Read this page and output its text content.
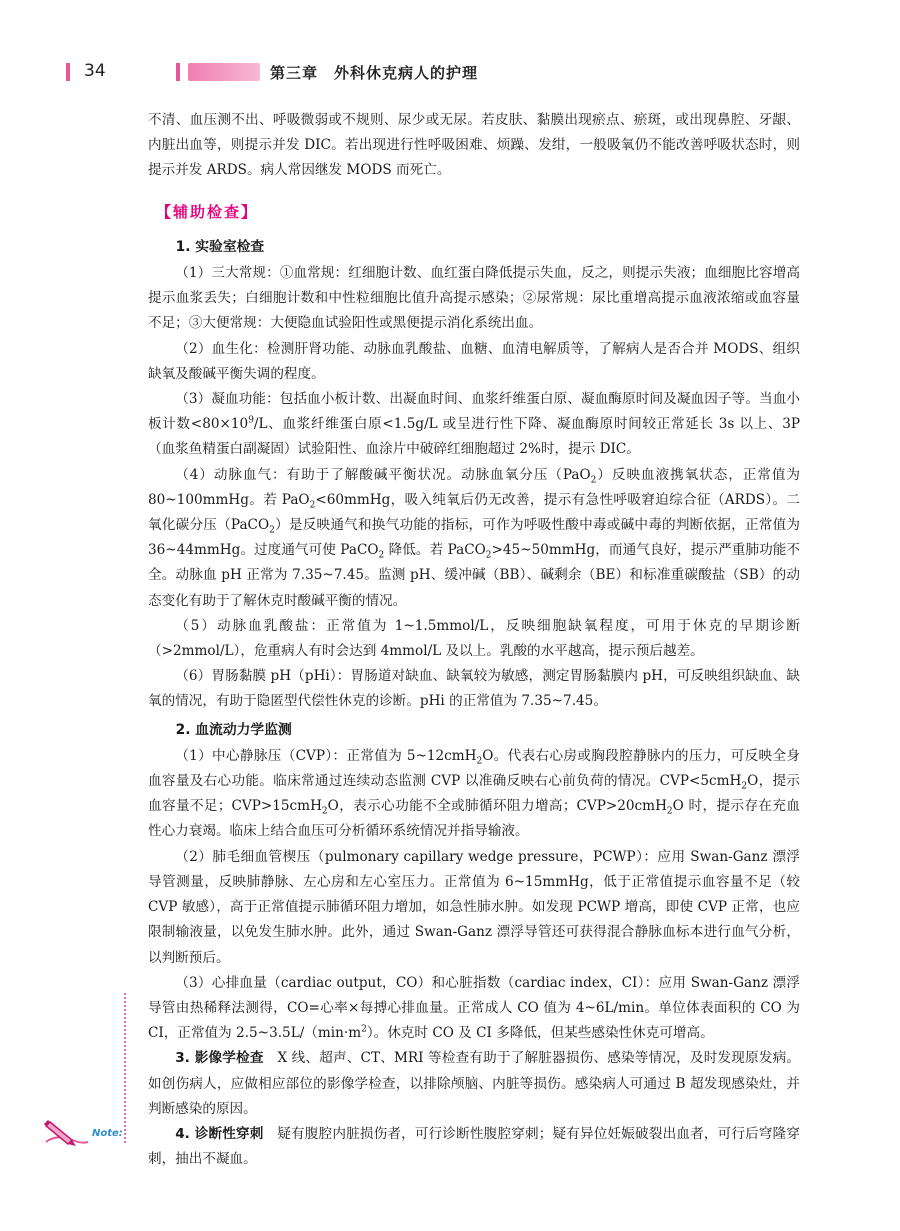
34	第三章　外科休克病人的护理

不清、血压测不出、呼吸微弱或不规则、尿少或无尿。若皮肤、黏膜出现瘀点、瘀斑，或出现鼻腔、牙龈、内脏出血等，则提示并发 DIC。若出现进行性呼吸困难、烦躁、发绀，一般吸氧仍不能改善呼吸状态时，则提示并发 ARDS。病人常因继发 MODS 而死亡。

【辅助检查】

1. 实验室检查

（1）三大常规：①血常规：红细胞计数、血红蛋白降低提示失血，反之，则提示失液；血细胞比容增高提示血浆丢失；白细胞计数和中性粒细胞比值升高提示感染；②尿常规：尿比重增高提示血液浓缩或血容量不足；③大便常规：大便隐血试验阳性或黑便提示消化系统出血。

（2）血生化：检测肝肾功能、动脉血乳酸盐、血糖、血清电解质等，了解病人是否合并 MODS、组织缺氧及酸碱平衡失调的程度。

（3）凝血功能：包括血小板计数、出凝血时间、血浆纤维蛋白原、凝血酶原时间及凝血因子等。当血小板计数$<80\times 10^9/L$、血浆纤维蛋白原<1.5g/L 或呈进行性下降、凝血酶原时间较正常延长 3s 以上、3P（血浆鱼精蛋白副凝固）试验阳性、血涂片中破碎红细胞超过 2%时，提示 DIC。

（4）动脉血气：有助于了解酸碱平衡状况。动脉血氧分压（PaO$_2$）反映血液携氧状态，正常值为 80~100mmHg。若 PaO$_2$<60mmHg，吸入纯氧后仍无改善，提示有急性呼吸窘迫综合征（ARDS）。二氧化碳分压（PaCO$_2$）是反映通气和换气功能的指标，可作为呼吸性酸中毒或碱中毒的判断依据，正常值为 36~44mmHg。过度通气可使 PaCO$_2$ 降低。若 PaCO$_2$>45~50mmHg，而通气良好，提示严重肺功能不全。动脉血 pH 正常为 7.35~7.45。监测 pH、缓冲碱（BB）、碱剩余（BE）和标准重碳酸盐（SB）的动态变化有助于了解休克时酸碱平衡的情况。

（5）动脉血乳酸盐：正常值为 1~1.5mmol/L，反映细胞缺氧程度，可用于休克的早期诊断（>2mmol/L），危重病人有时会达到 4mmol/L 及以上。乳酸的水平越高，提示预后越差。

（6）胃肠黏膜 pH（pHi）：胃肠道对缺血、缺氧较为敏感，测定胃肠黏膜内 pH，可反映组织缺血、缺氧的情况，有助于隐匿型代偿性休克的诊断。pHi 的正常值为 7.35~7.45。

2. 血流动力学监测

（1）中心静脉压（CVP）：正常值为 5~12cmH$_2$O。代表右心房或胸段腔静脉内的压力，可反映全身血容量及右心功能。临床常通过连续动态监测 CVP 以准确反映右心前负荷的情况。CVP<5cmH$_2$O，提示血容量不足；CVP>15cmH$_2$O，表示心功能不全或肺循环阻力增高；CVP>20cmH$_2$O 时，提示存在充血性心力衰竭。临床上结合血压可分析循环系统情况并指导输液。

（2）肺毛细血管楔压（pulmonary capillary wedge pressure，PCWP）：应用 Swan-Ganz 漂浮导管测量，反映肺静脉、左心房和左心室压力。正常值为 6~15mmHg，低于正常值提示血容量不足（较 CVP 敏感），高于正常值提示肺循环阻力增加，如急性肺水肿。如发现 PCWP 增高，即使 CVP 正常，也应限制输液量，以免发生肺水肿。此外，通过 Swan-Ganz 漂浮导管还可获得混合静脉血标本进行血气分析，以判断预后。

（3）心排血量（cardiac output，CO）和心脏指数（cardiac index，CI）：应用 Swan-Ganz 漂浮导管由热稀释法测得，CO=心率×每搏心排血量。正常成人 CO 值为 4~6L/min。单位体表面积的 CO 为 CI，正常值为 $2.5\sim 3.5L/(\min\cdot m^2)$。休克时 CO 及 CI 多降低，但某些感染性休克可增高。

3. 影像学检查　 X 线、超声、CT、MRI 等检查有助于了解脏器损伤、感染等情况，及时发现原发病。如创伤病人，应做相应部位的影像学检查，以排除颅脑、内脏等损伤。感染病人可通过 B 超发现感染灶，并判断感染的原因。

4. 诊断性穿刺　 疑有腹腔内脏损伤者，可行诊断性腹腔穿刺；疑有异位妊娠破裂出血者，可行后穹隆穿刺，抽出不凝血。

Note:
